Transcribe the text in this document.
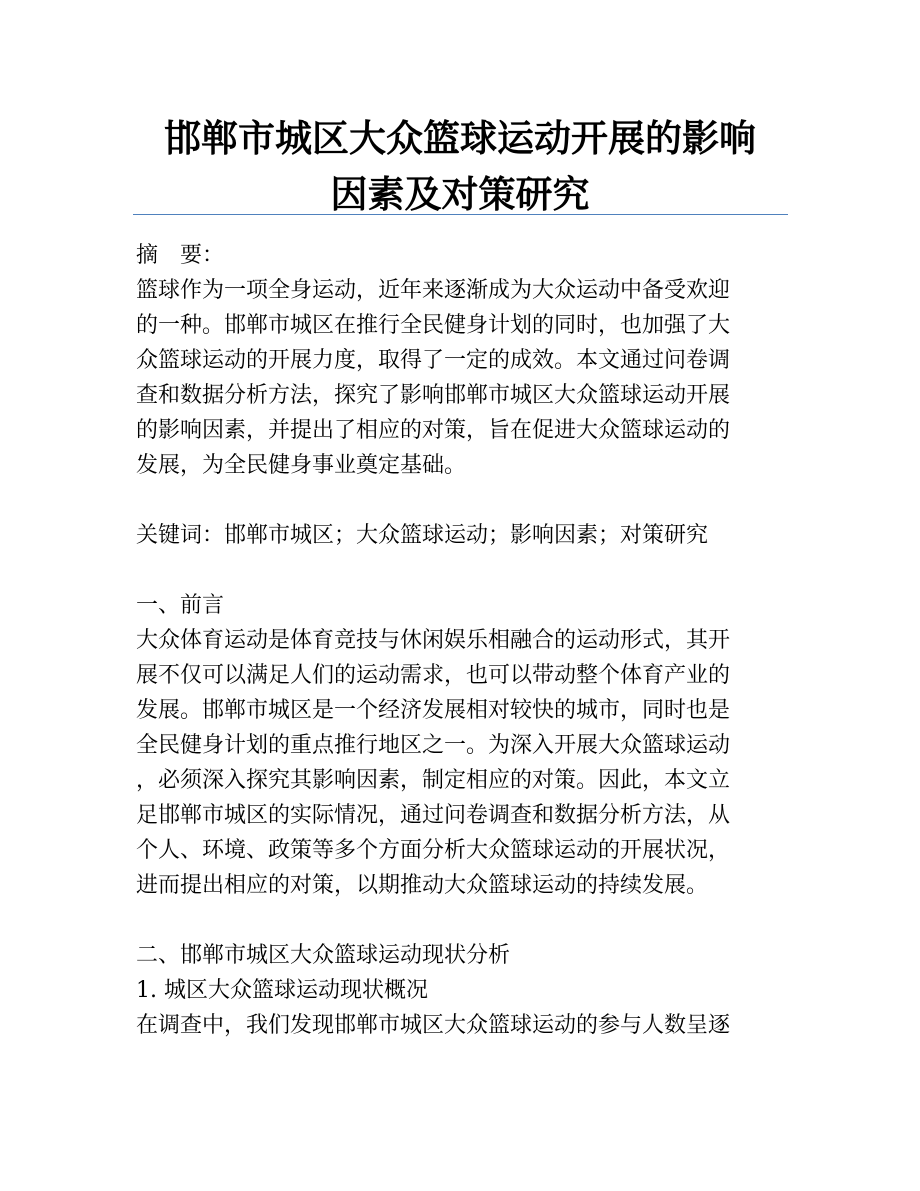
邯郸市城区大众篮球运动开展的影响
因素及对策研究
摘　要：
篮球作为一项全身运动，近年来逐渐成为大众运动中备受欢迎
的一种。邯郸市城区在推行全民健身计划的同时，也加强了大
众篮球运动的开展力度，取得了一定的成效。本文通过问卷调
查和数据分析方法，探究了影响邯郸市城区大众篮球运动开展
的影响因素，并提出了相应的对策，旨在促进大众篮球运动的
发展，为全民健身事业奠定基础。
关键词：邯郸市城区；大众篮球运动；影响因素；对策研究
一、前言
大众体育运动是体育竞技与休闲娱乐相融合的运动形式，其开
展不仅可以满足人们的运动需求，也可以带动整个体育产业的
发展。邯郸市城区是一个经济发展相对较快的城市，同时也是
全民健身计划的重点推行地区之一。为深入开展大众篮球运动
，必须深入探究其影响因素，制定相应的对策。因此，本文立
足邯郸市城区的实际情况，通过问卷调查和数据分析方法，从
个人、环境、政策等多个方面分析大众篮球运动的开展状况，
进而提出相应的对策，以期推动大众篮球运动的持续发展。
二、邯郸市城区大众篮球运动现状分析
1. 城区大众篮球运动现状概况
在调查中，我们发现邯郸市城区大众篮球运动的参与人数呈逐
